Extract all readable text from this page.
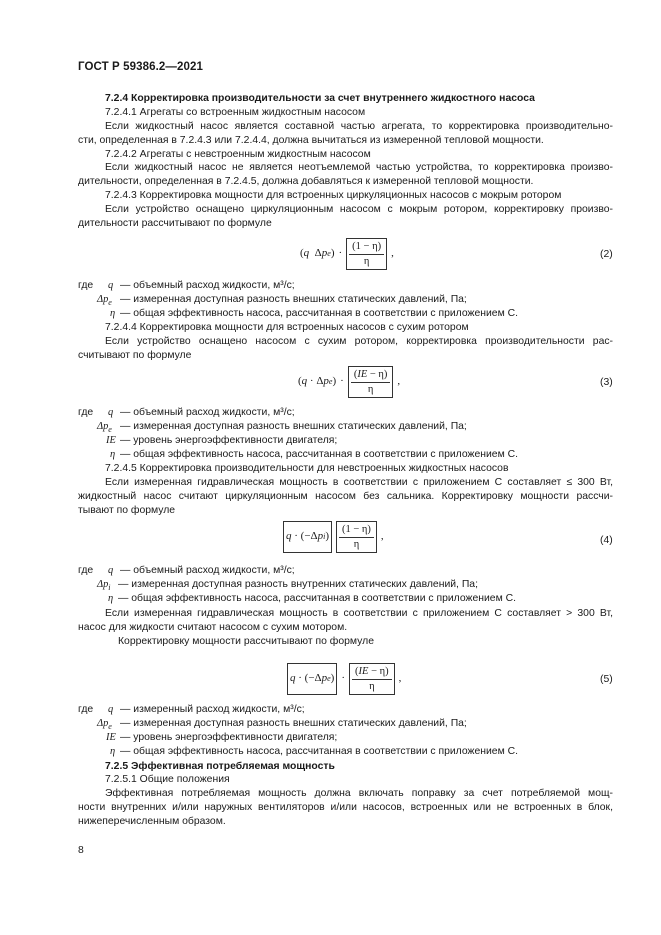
ГОСТ Р 59386.2—2021
7.2.4 Корректировка производительности за счет внутреннего жидкостного насоса
7.2.4.1 Агрегаты со встроенным жидкостным насосом
Если жидкостный насос является составной частью агрегата, то корректировка производительно-
сти, определенная в 7.2.4.3 или 7.2.4.4, должна вычитаться из измеренной тепловой мощности.
7.2.4.2 Агрегаты с невстроенным жидкостным насосом
Если жидкостный насос не является неотъемлемой частью устройства, то корректировка произво-
дительности, определенная в 7.2.4.5, должна добавляться к измеренной тепловой мощности.
7.2.4.3 Корректировка мощности для встроенных циркуляционных насосов с мокрым ротором
Если устройство оснащено циркуляционным насосом с мокрым ротором, корректировку произво-
дительности рассчитывают по формуле
( q Δ p e ) · $\frac{(1 - \eta)}{\eta}$ ,	(2)
где q — объемный расход жидкости, м³/с;
$\Delta p_e$ — измеренная доступная разность внешних статических давлений, Па;
η — общая эффективность насоса, рассчитанная в соответствии с приложением С.
7.2.4.4 Корректировка мощности для встроенных насосов с сухим ротором
Если устройство оснащено насосом с сухим ротором, корректировка производительности рас-
считывают по формуле
( q · Δ p e ) · $\frac{(IE - \eta)}{\eta}$ ,	(3)
где q — объемный расход жидкости, м³/с;
$\Delta p_e$ — измеренная доступная разность внешних статических давлений, Па;
IE — уровень энергоэффективности двигателя;
η — общая эффективность насоса, рассчитанная в соответствии с приложением С.
7.2.4.5 Корректировка производительности для невстроенных жидкостных насосов
Если измеренная гидравлическая мощность в соответствии с приложением С составляет ≤ 300 Вт,
жидкостный насос считают циркуляционным насосом без сальника. Корректировку мощности рассчи-
тывают по формуле
q · (−Δ p i ) $\frac{(1 - \eta)}{\eta}$ ,	(4)
где q — объемный расход жидкости, м³/с;
$\Delta p_i$ — измеренная доступная разность внутренних статических давлений, Па;
η — общая эффективность насоса, рассчитанная в соответствии с приложением С.
Если измеренная гидравлическая мощность в соответствии с приложением С составляет > 300 Вт,
насос для жидкости считают насосом с сухим мотором.
Корректировку мощности рассчитывают по формуле
q · (−Δ p e ) · $\frac{(IE - \eta)}{\eta}$ ,	(5)
где q — измеренный расход жидкости, м³/с;
$\Delta p_e$ — измеренная доступная разность внешних статических давлений, Па;
IE — уровень энергоэффективности двигателя;
η — общая эффективность насоса, рассчитанная в соответствии с приложением С.
7.2.5 Эффективная потребляемая мощность
7.2.5.1 Общие положения
Эффективная потребляемая мощность должна включать поправку за счет потребляемой мощ-
ности внутренних и/или наружных вентиляторов и/или насосов, встроенных или не встроенных в блок,
нижеперечисленным образом.
8
